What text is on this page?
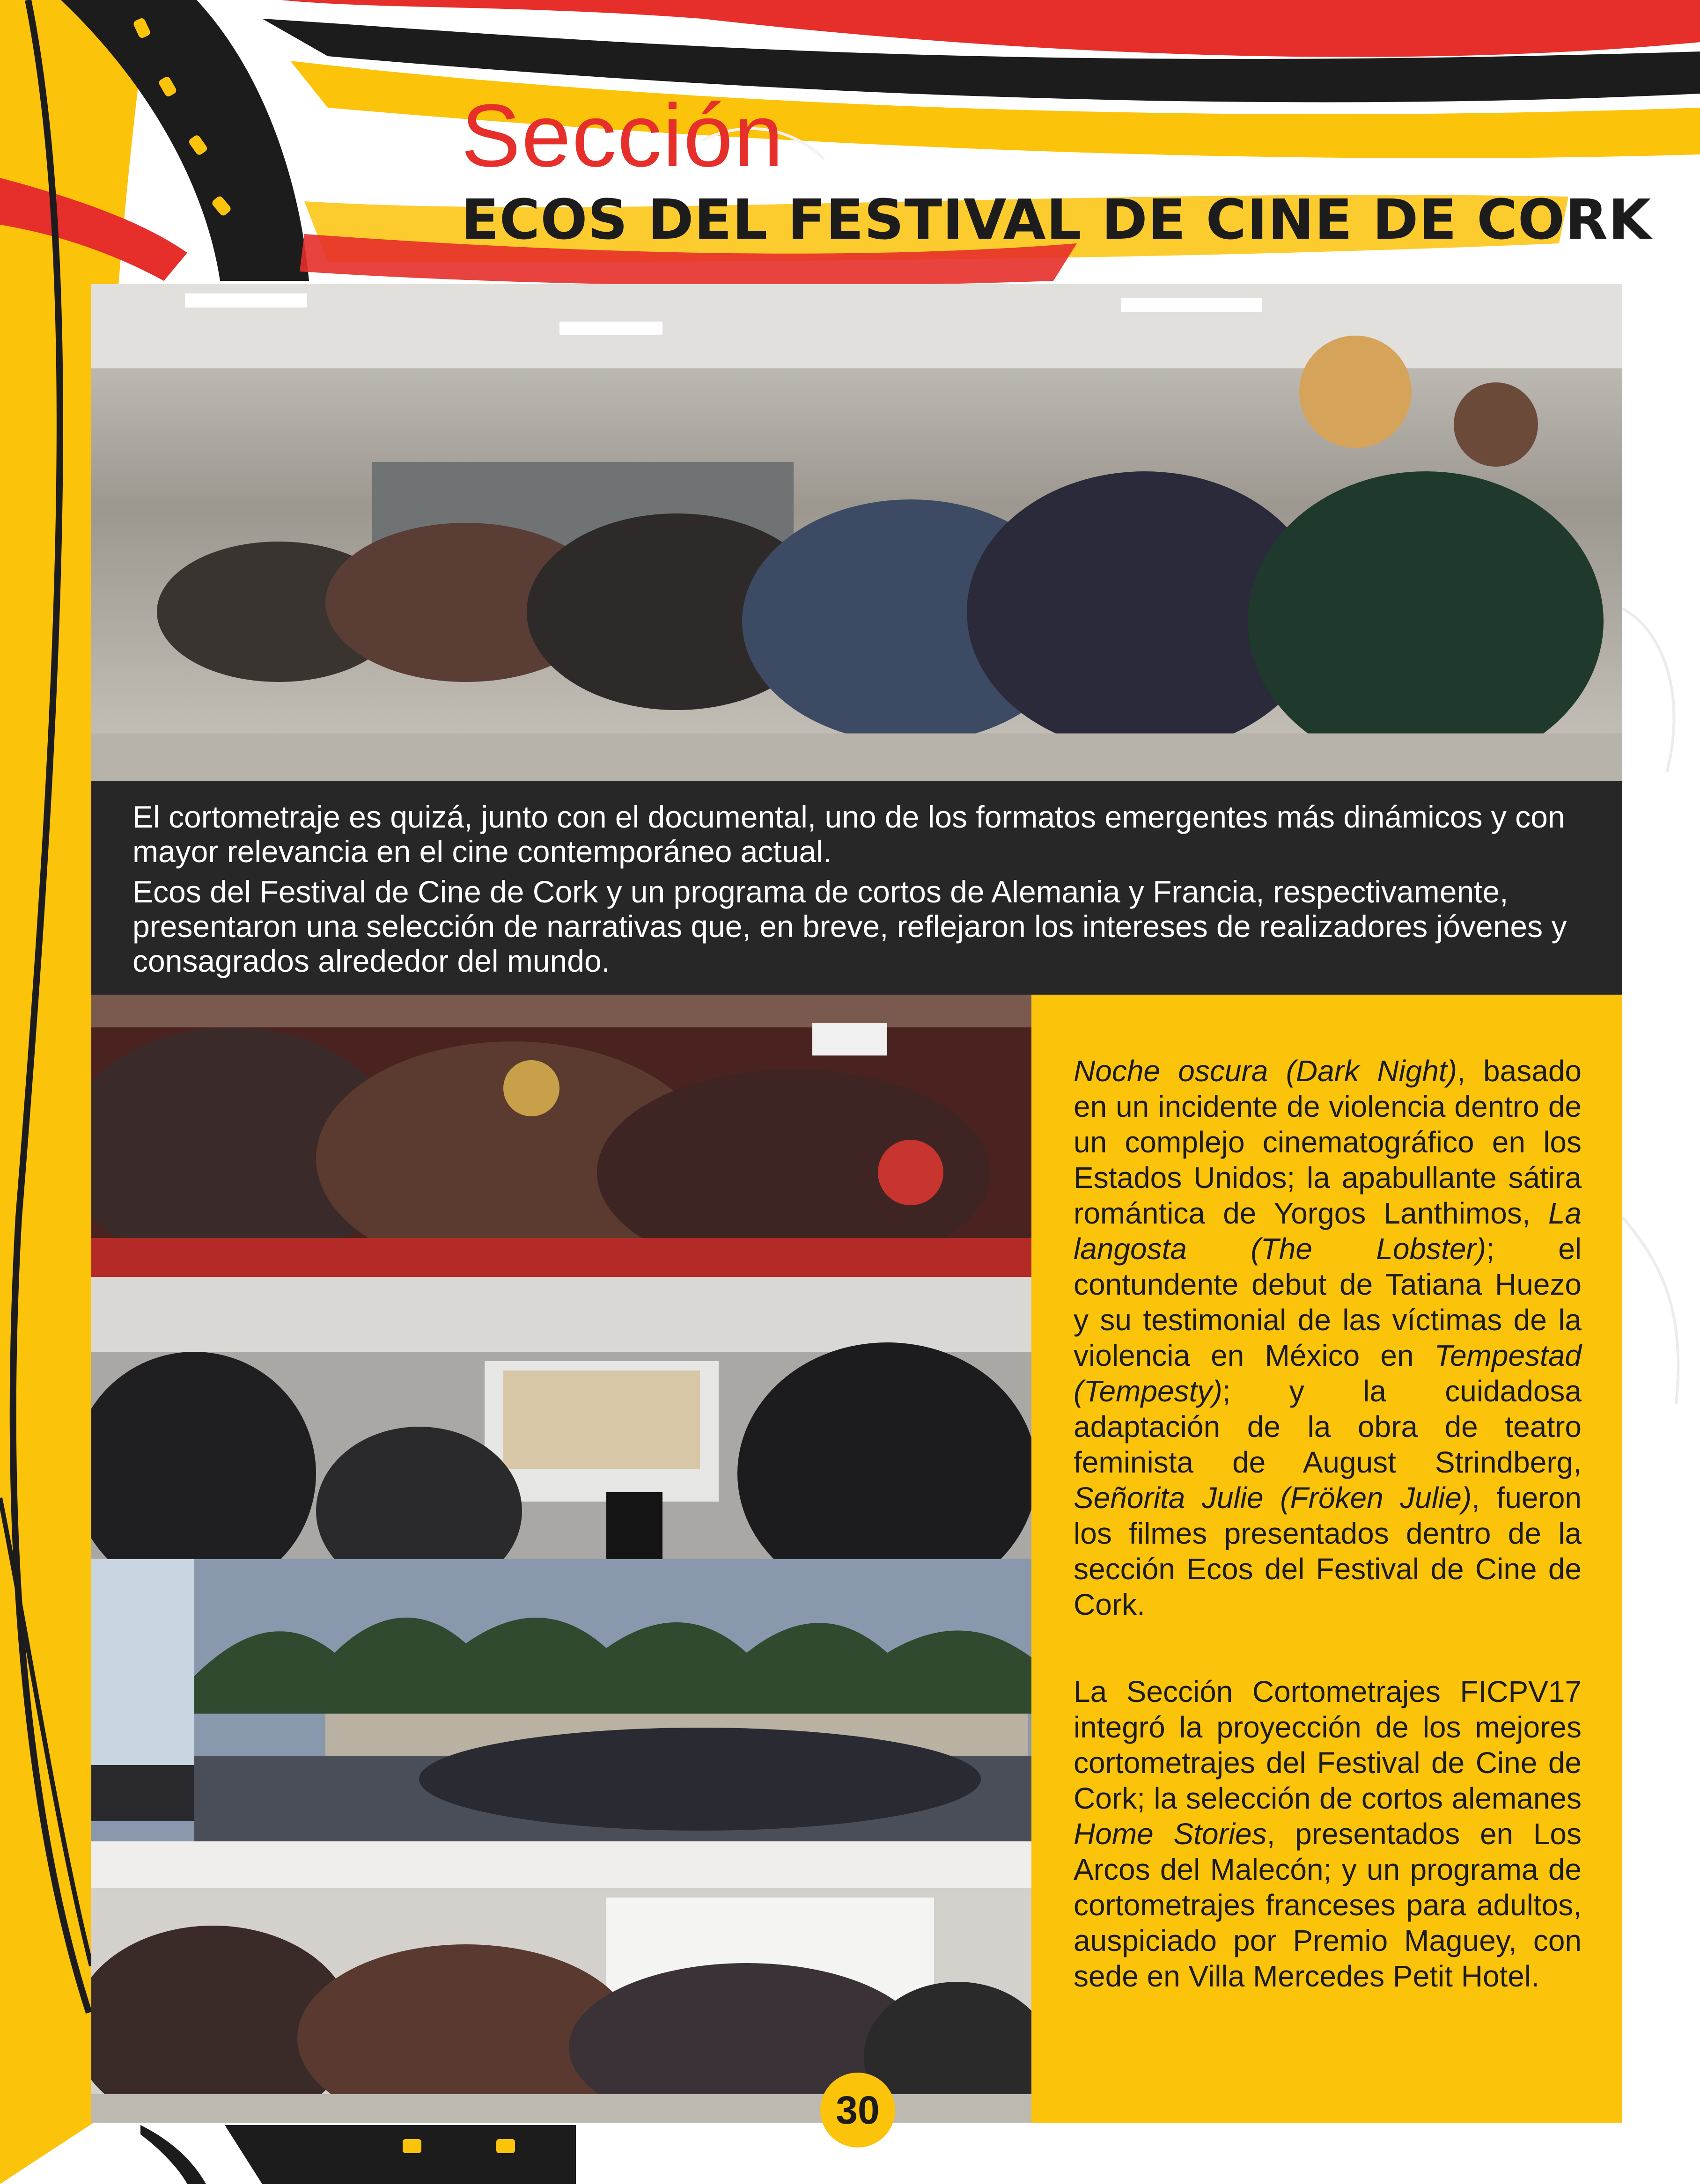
Sección
ECOS DEL FESTIVAL DE CINE DE CORK

El cortometraje es quizá, junto con el documental, uno de los formatos emergentes más dinámicos y con mayor relevancia en el cine contemporáneo actual.

Ecos del Festival de Cine de Cork y un programa de cortos de Alemania y Francia, respectivamente, presentaron una selección de narrativas que, en breve, reflejaron los intereses de realizadores jóvenes y consagrados alrededor del mundo.

Noche oscura (Dark Night), basado en un incidente de violencia dentro de un complejo cinematográfico en los Estados Unidos; la apabullante sátira romántica de Yorgos Lanthimos, La langosta (The Lobster); el contundente debut de Tatiana Huezo y su testimonial de las víctimas de la violencia en México en Tempestad (Tempesty); y la cuidadosa adaptación de la obra de teatro feminista de August Strindberg, Señorita Julie (Fröken Julie), fueron los filmes presentados dentro de la sección Ecos del Festival de Cine de Cork.

La Sección Cortometrajes FICPV17 integró la proyección de los mejores cortometrajes del Festival de Cine de Cork; la selección de cortos alemanes Home Stories, presentados en Los Arcos del Malecón; y un programa de cortometrajes franceses para adultos, auspiciado por Premio Maguey, con sede en Villa Mercedes Petit Hotel.

30
